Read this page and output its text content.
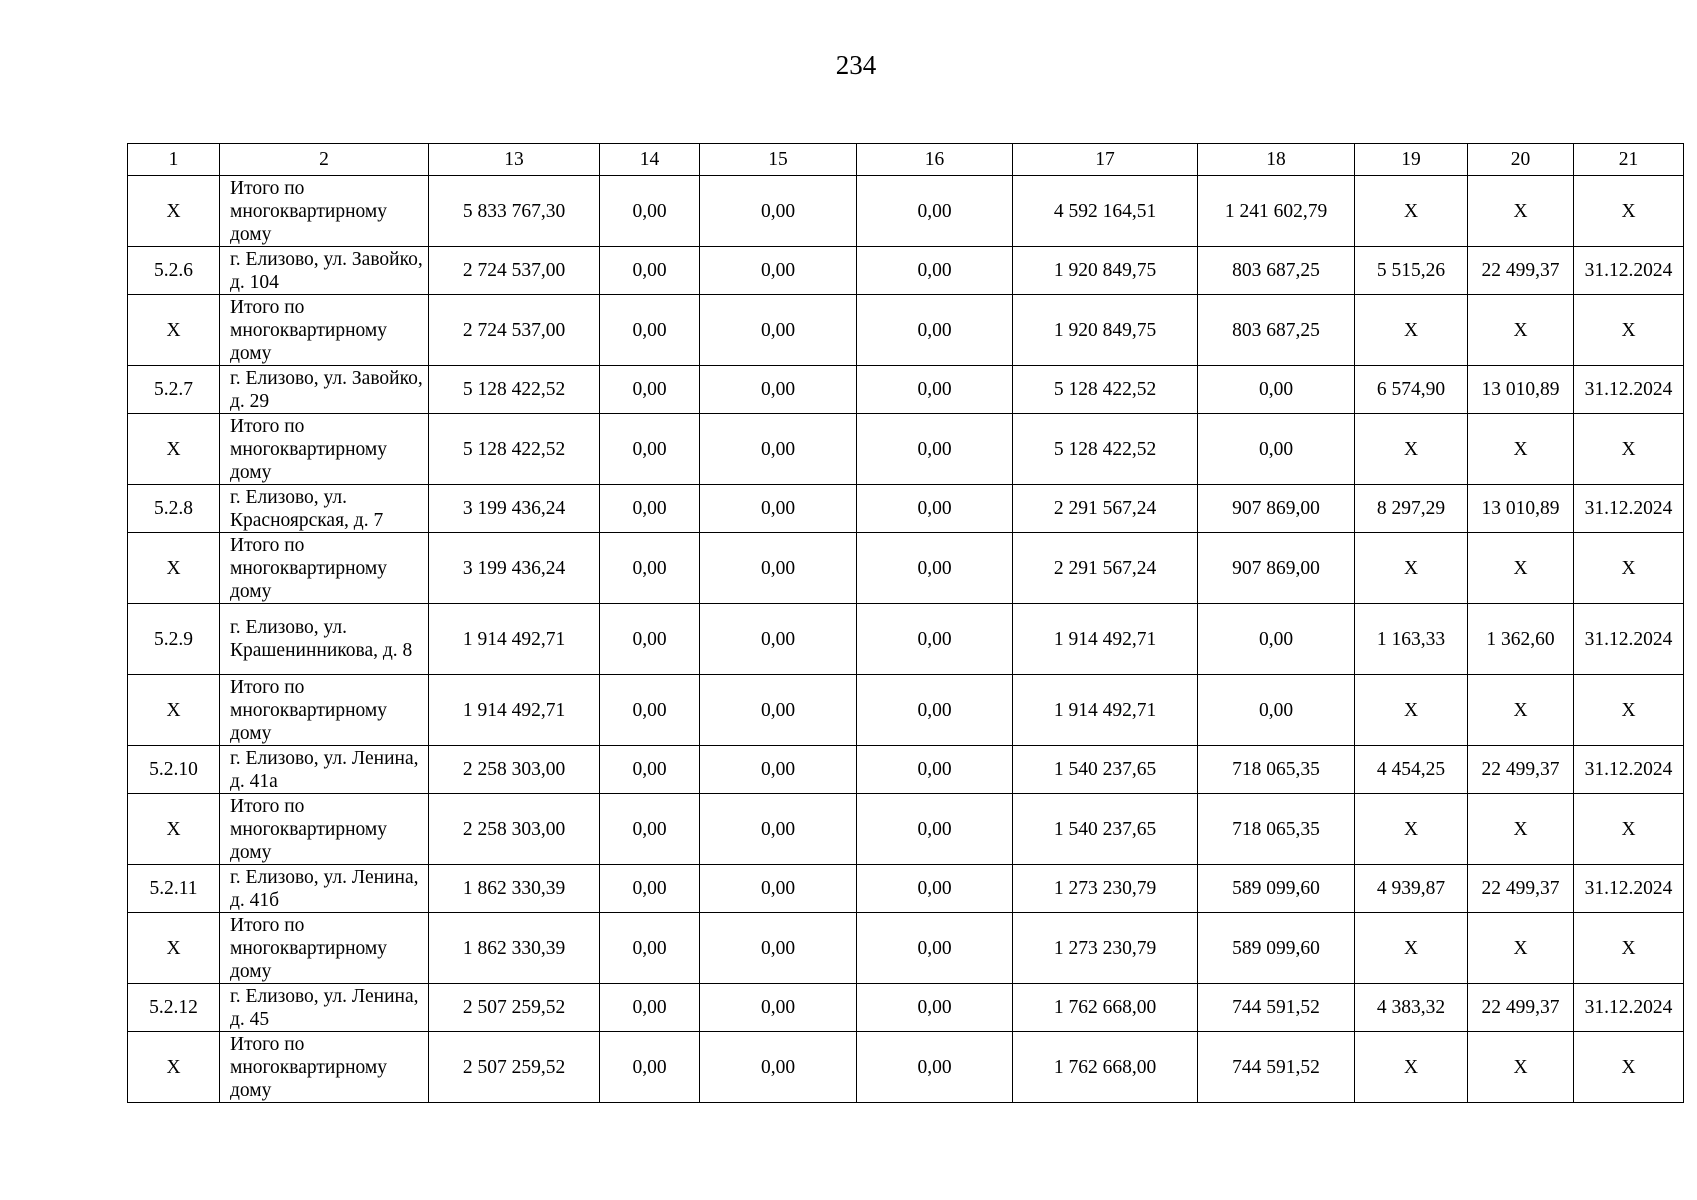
234
1	2	13	14	15	16	17	18	19	20	21
X	Итого по многоквартирному дому	5 833 767,30	0,00	0,00	0,00	4 592 164,51	1 241 602,79	X	X	X
5.2.6	г. Елизово, ул. Завойко, д. 104	2 724 537,00	0,00	0,00	0,00	1 920 849,75	803 687,25	5 515,26	22 499,37	31.12.2024
X	Итого по многоквартирному дому	2 724 537,00	0,00	0,00	0,00	1 920 849,75	803 687,25	X	X	X
5.2.7	г. Елизово, ул. Завойко, д. 29	5 128 422,52	0,00	0,00	0,00	5 128 422,52	0,00	6 574,90	13 010,89	31.12.2024
X	Итого по многоквартирному дому	5 128 422,52	0,00	0,00	0,00	5 128 422,52	0,00	X	X	X
5.2.8	г. Елизово, ул. Красноярская, д. 7	3 199 436,24	0,00	0,00	0,00	2 291 567,24	907 869,00	8 297,29	13 010,89	31.12.2024
X	Итого по многоквартирному дому	3 199 436,24	0,00	0,00	0,00	2 291 567,24	907 869,00	X	X	X
5.2.9	г. Елизово, ул. Крашенинникова, д. 8	1 914 492,71	0,00	0,00	0,00	1 914 492,71	0,00	1 163,33	1 362,60	31.12.2024
X	Итого по многоквартирному дому	1 914 492,71	0,00	0,00	0,00	1 914 492,71	0,00	X	X	X
5.2.10	г. Елизово, ул. Ленина, д. 41а	2 258 303,00	0,00	0,00	0,00	1 540 237,65	718 065,35	4 454,25	22 499,37	31.12.2024
X	Итого по многоквартирному дому	2 258 303,00	0,00	0,00	0,00	1 540 237,65	718 065,35	X	X	X
5.2.11	г. Елизово, ул. Ленина, д. 41б	1 862 330,39	0,00	0,00	0,00	1 273 230,79	589 099,60	4 939,87	22 499,37	31.12.2024
X	Итого по многоквартирному дому	1 862 330,39	0,00	0,00	0,00	1 273 230,79	589 099,60	X	X	X
5.2.12	г. Елизово, ул. Ленина, д. 45	2 507 259,52	0,00	0,00	0,00	1 762 668,00	744 591,52	4 383,32	22 499,37	31.12.2024
X	Итого по многоквартирному дому	2 507 259,52	0,00	0,00	0,00	1 762 668,00	744 591,52	X	X	X
